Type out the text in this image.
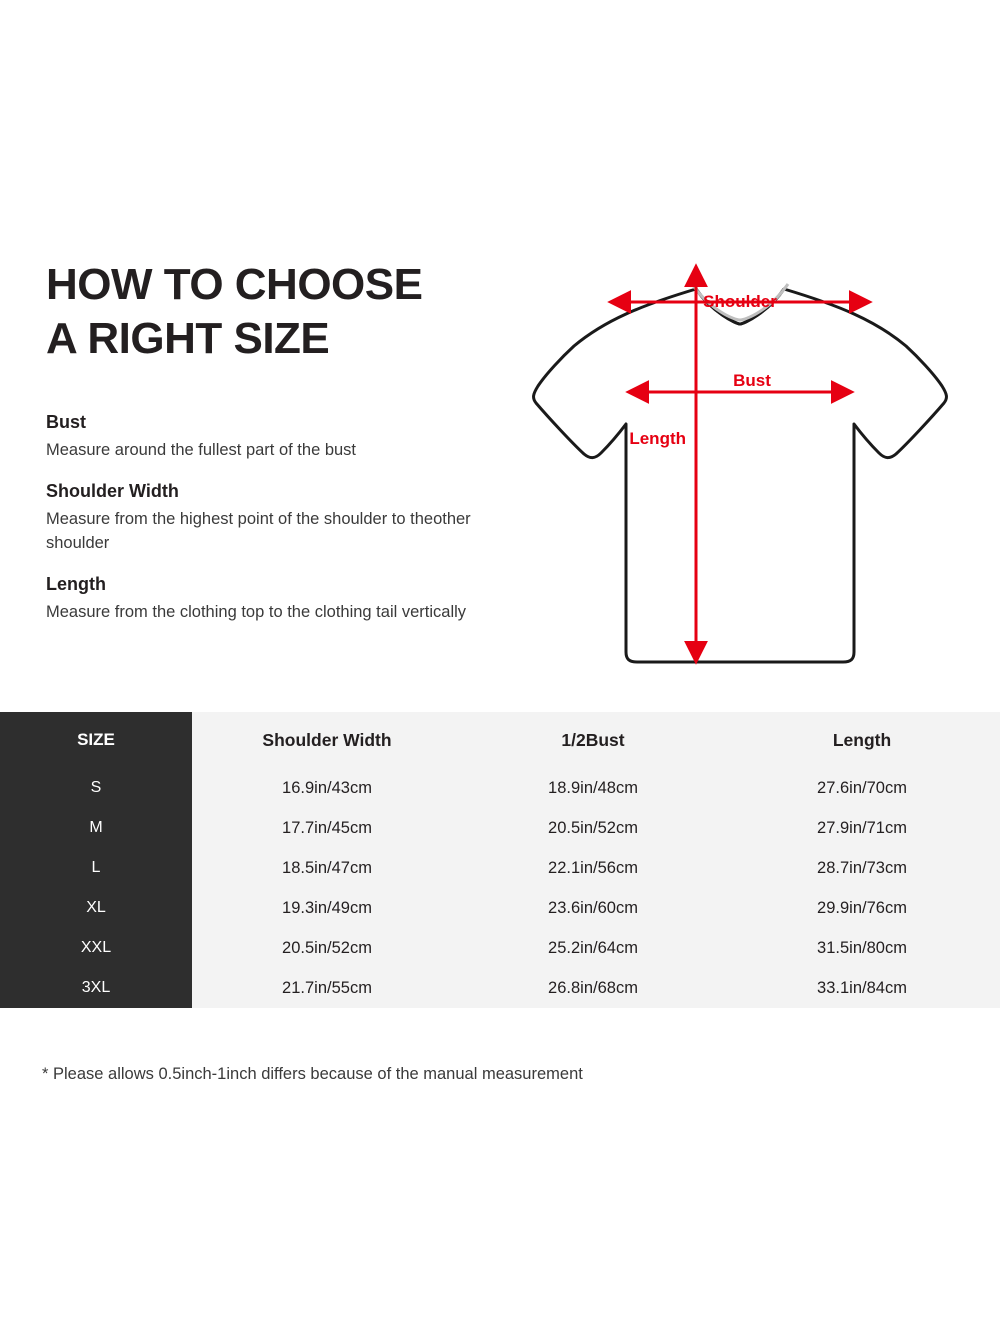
HOW TO CHOOSE
A RIGHT SIZE
Bust
Measure around the fullest part of the bust
Shoulder Width
Measure from the highest point of the shoulder to theother shoulder
Length
Measure from the clothing top to the clothing tail vertically
Shoulder
Bust
Length
SIZE	Shoulder Width	1/2Bust	Length
S	16.9in/43cm	18.9in/48cm	27.6in/70cm
M	17.7in/45cm	20.5in/52cm	27.9in/71cm
L	18.5in/47cm	22.1in/56cm	28.7in/73cm
XL	19.3in/49cm	23.6in/60cm	29.9in/76cm
XXL	20.5in/52cm	25.2in/64cm	31.5in/80cm
3XL	21.7in/55cm	26.8in/68cm	33.1in/84cm
* Please allows 0.5inch-1inch differs because of the manual measurement
